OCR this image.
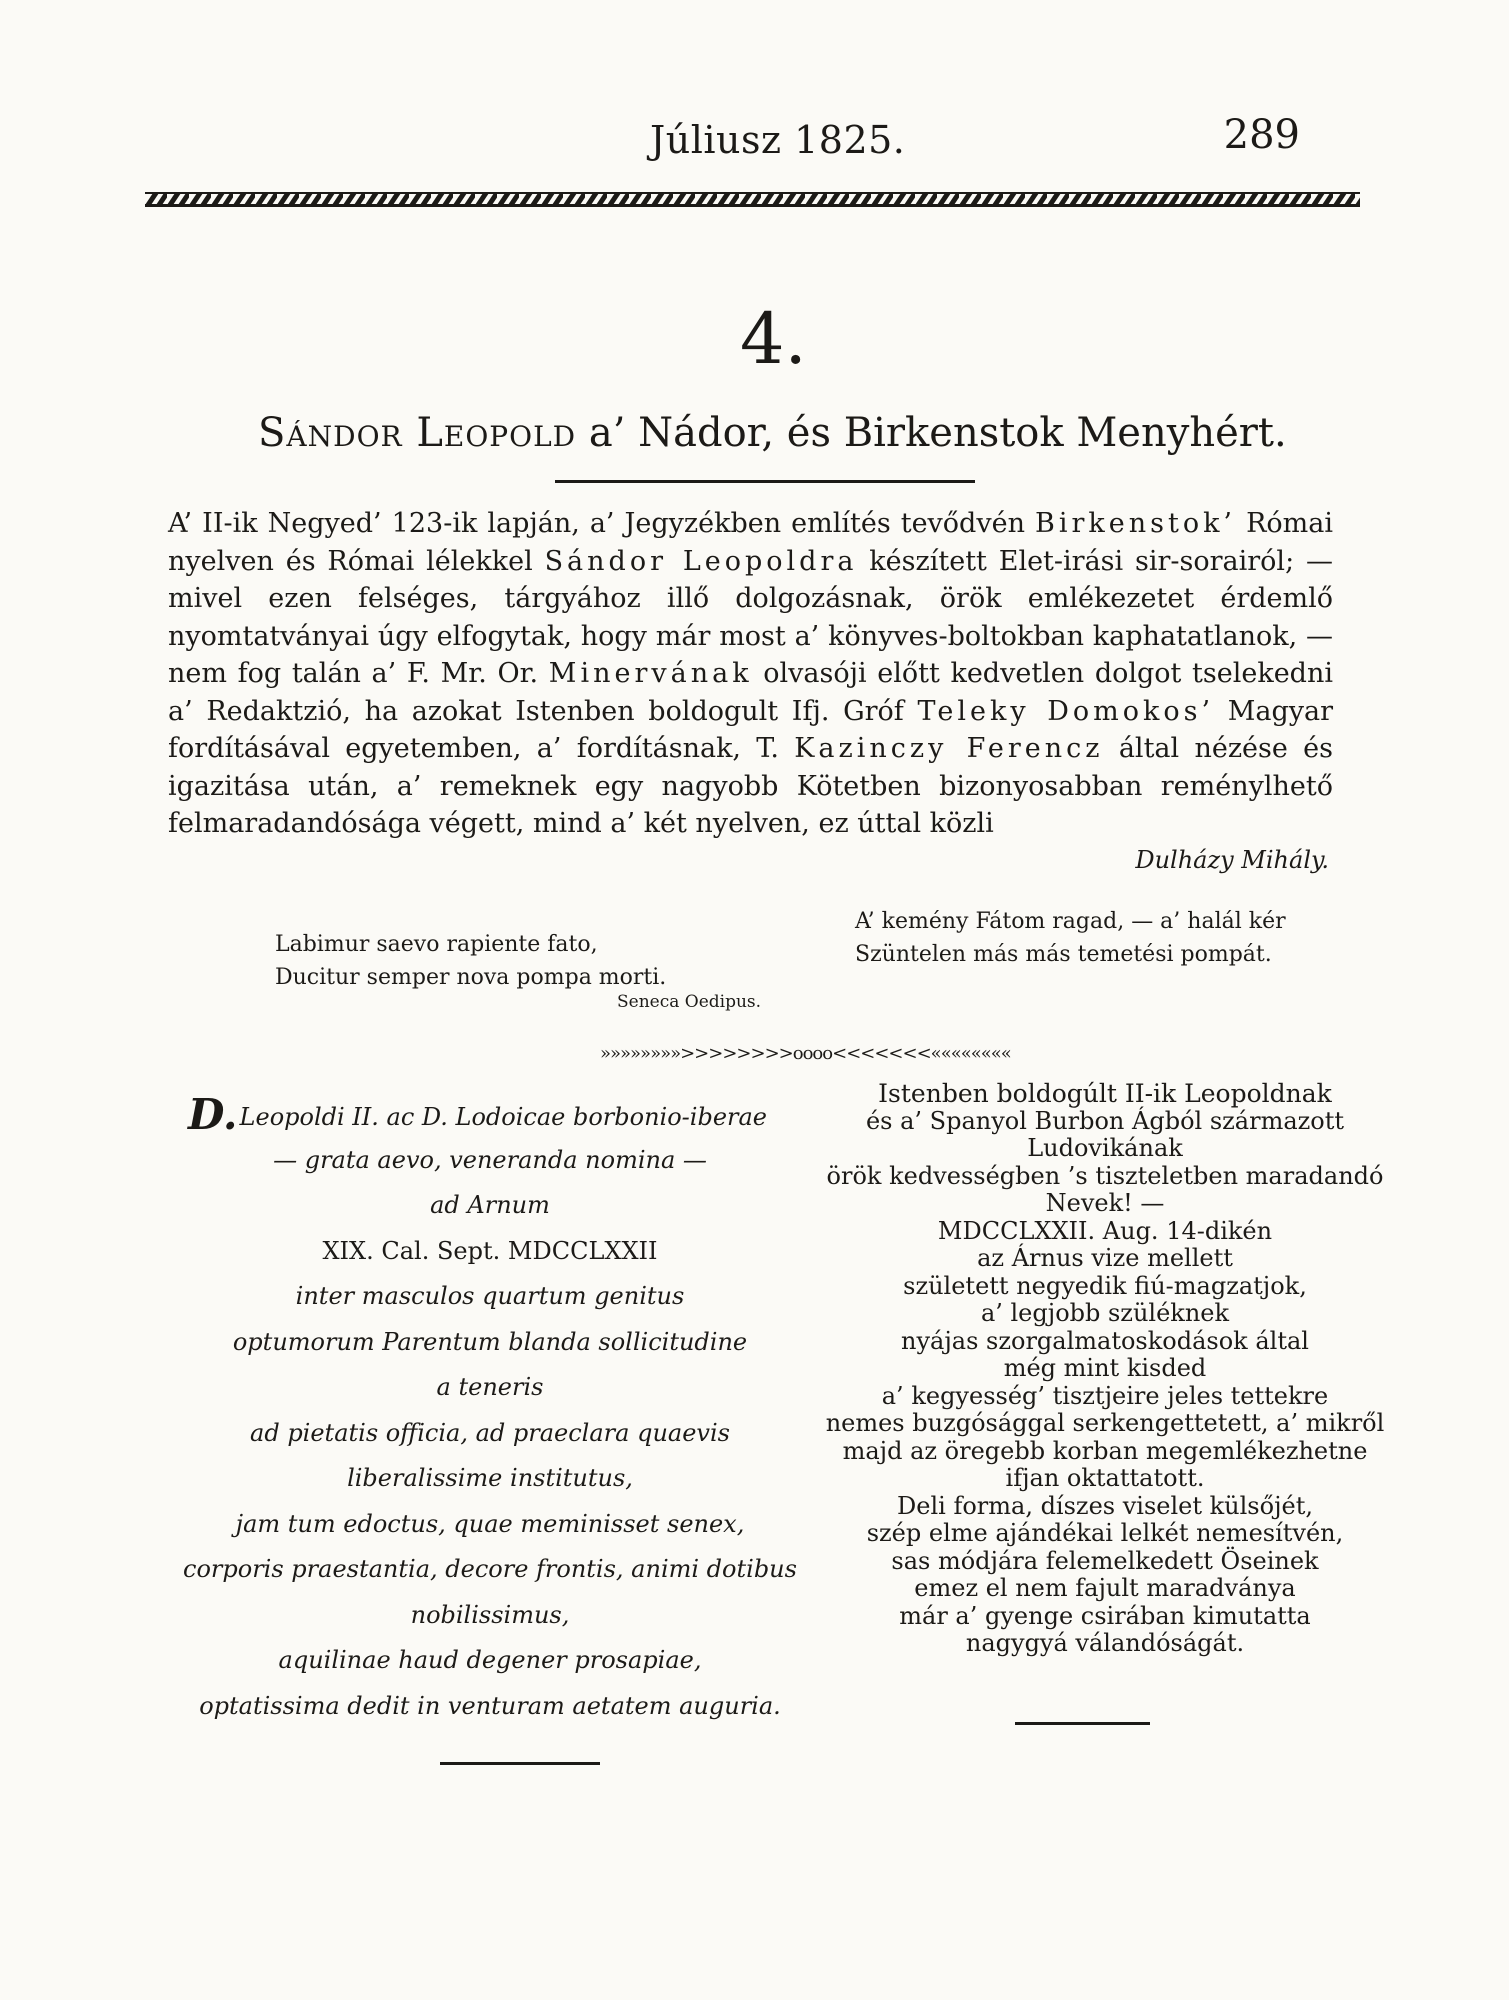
Júliusz 1825.	289
4.
Sándor Leopold a’ Nádor, és Birkenstok Menyhért.

A’ II-ik Negyed’ 123-ik lapján, a’ Jegyzékben említés tevődvén Birkenstok’ Római nyelven és Római lélekkel Sándor Leopoldra készített Elet-irási sir-sorairól; — mivel ezen felséges, tárgyához illő dolgozásnak, örök emlékezetet érdemlő nyomtatványai úgy elfogytak, hogy már most a’ könyves-boltokban kaphatatlanok, — nem fog talán a’ F. Mr. Or. Minervának olvasóji előtt kedvetlen dolgot tselekedni a’ Redaktzió, ha azokat Istenben boldogult Ifj. Gróf Teleky Domokos’ Magyar fordításával egyetemben, a’ fordításnak, T. Kazinczy Ferencz által nézése és igazitása után, a’ remeknek egy nagyobb Kötetben bizonyosabban reménylhető felmaradandósága végett, mind a’ két nyelven, ez úttal közli

Dulházy Mihály.
Labimur saevo rapiente fato,
Ducitur semper nova pompa morti.
Seneca Oedipus.
A’ kemény Fátom ragad, — a’ halál kér
Szüntelen más más temetési pompát.
»»»»»»»»>>>>>>>>oooo<<<<<<<««««««««
D.Leopoldi II. ac D. Lodoicae borbonio-iberae
— grata aevo, veneranda nomina —
ad Arnum
XIX. Cal. Sept. MDCCLXXII
inter masculos quartum genitus
optumorum Parentum blanda sollicitudine
a teneris
ad pietatis officia, ad praeclara quaevis
liberalissime institutus,
jam tum edoctus, quae meminisset senex,
corporis praestantia, decore frontis, animi dotibus
nobilissimus,
aquilinae haud degener prosapiae,
optatissima dedit in venturam aetatem auguria.
Istenben boldogúlt II-ik Leopoldnak
és a’ Spanyol Burbon Ágból származott
Ludovikának
örök kedvességben ’s tiszteletben maradandó
Nevek! —
MDCCLXXII. Aug. 14-dikén
az Árnus vize mellett
született negyedik fiú-magzatjok,
a’ legjobb szüléknek
nyájas szorgalmatoskodások által
még mint kisded
a’ kegyesség’ tisztjeire jeles tettekre
nemes buzgósággal serkengettetett, a’ mikről
majd az öregebb korban megemlékezhetne
ifjan oktattatott.
Deli forma, díszes viselet külsőjét,
szép elme ajándékai lelkét nemesítvén,
sas módjára felemelkedett Öseinek
emez el nem fajult maradványa
már a’ gyenge csirában kimutatta
nagygyá válandóságát.
